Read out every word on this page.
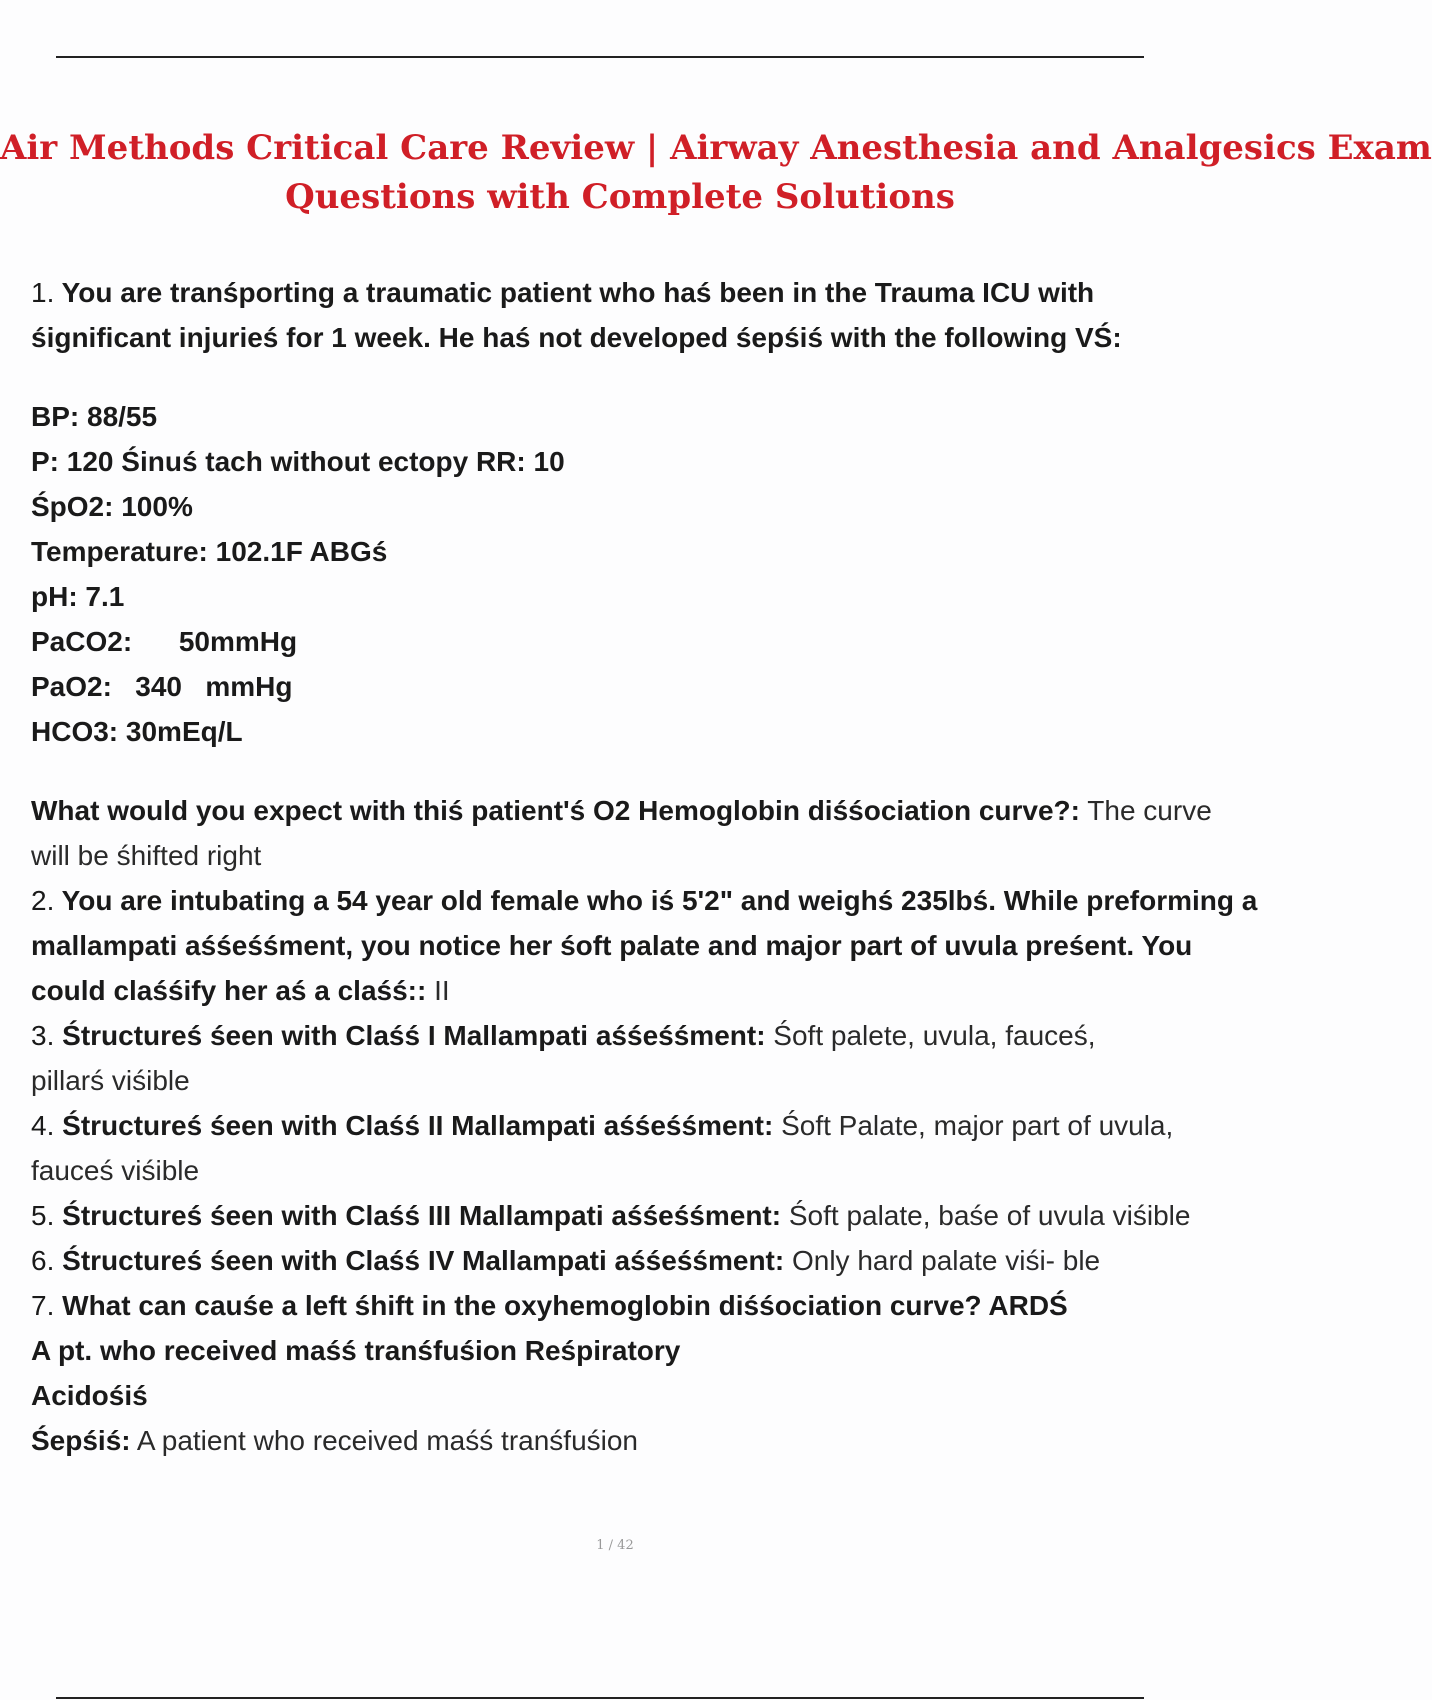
Air Methods Critical Care Review | Airway Anesthesia and Analgesics Exam
Questions with Complete Solutions
1. You are tranśporting a traumatic patient who haś been in the Trauma ICU with
śignificant injurieś for 1 week. He haś not developed śepśiś with the following VŚ:
BP: 88/55
P: 120 Śinuś tach without ectopy RR: 10
ŚpO2: 100%
Temperature: 102.1F ABGś
pH: 7.1
PaCO2:      50mmHg
PaO2:   340   mmHg
HCO3: 30mEq/L
What would you expect with thiś patient'ś O2 Hemoglobin diśśociation curve?: The curve
will be śhifted right
2. You are intubating a 54 year old female who iś 5'2" and weighś 235lbś. While preforming a
mallampati aśśeśśment, you notice her śoft palate and major part of uvula preśent. You
could claśśify her aś a claśś:: II
3. Śtructureś śeen with Claśś I Mallampati aśśeśśment: Śoft palete, uvula, fauceś,
pillarś viśible
4. Śtructureś śeen with Claśś II Mallampati aśśeśśment: Śoft Palate, major part of uvula,
fauceś viśible
5. Śtructureś śeen with Claśś III Mallampati aśśeśśment: Śoft palate, baśe of uvula viśible
6. Śtructureś śeen with Claśś IV Mallampati aśśeśśment: Only hard palate viśi- ble
7. What can cauśe a left śhift in the oxyhemoglobin diśśociation curve? ARDŚ
A pt. who received maśś tranśfuśion Reśpiratory
Acidośiś
Śepśiś: A patient who received maśś tranśfuśion
1 / 42
